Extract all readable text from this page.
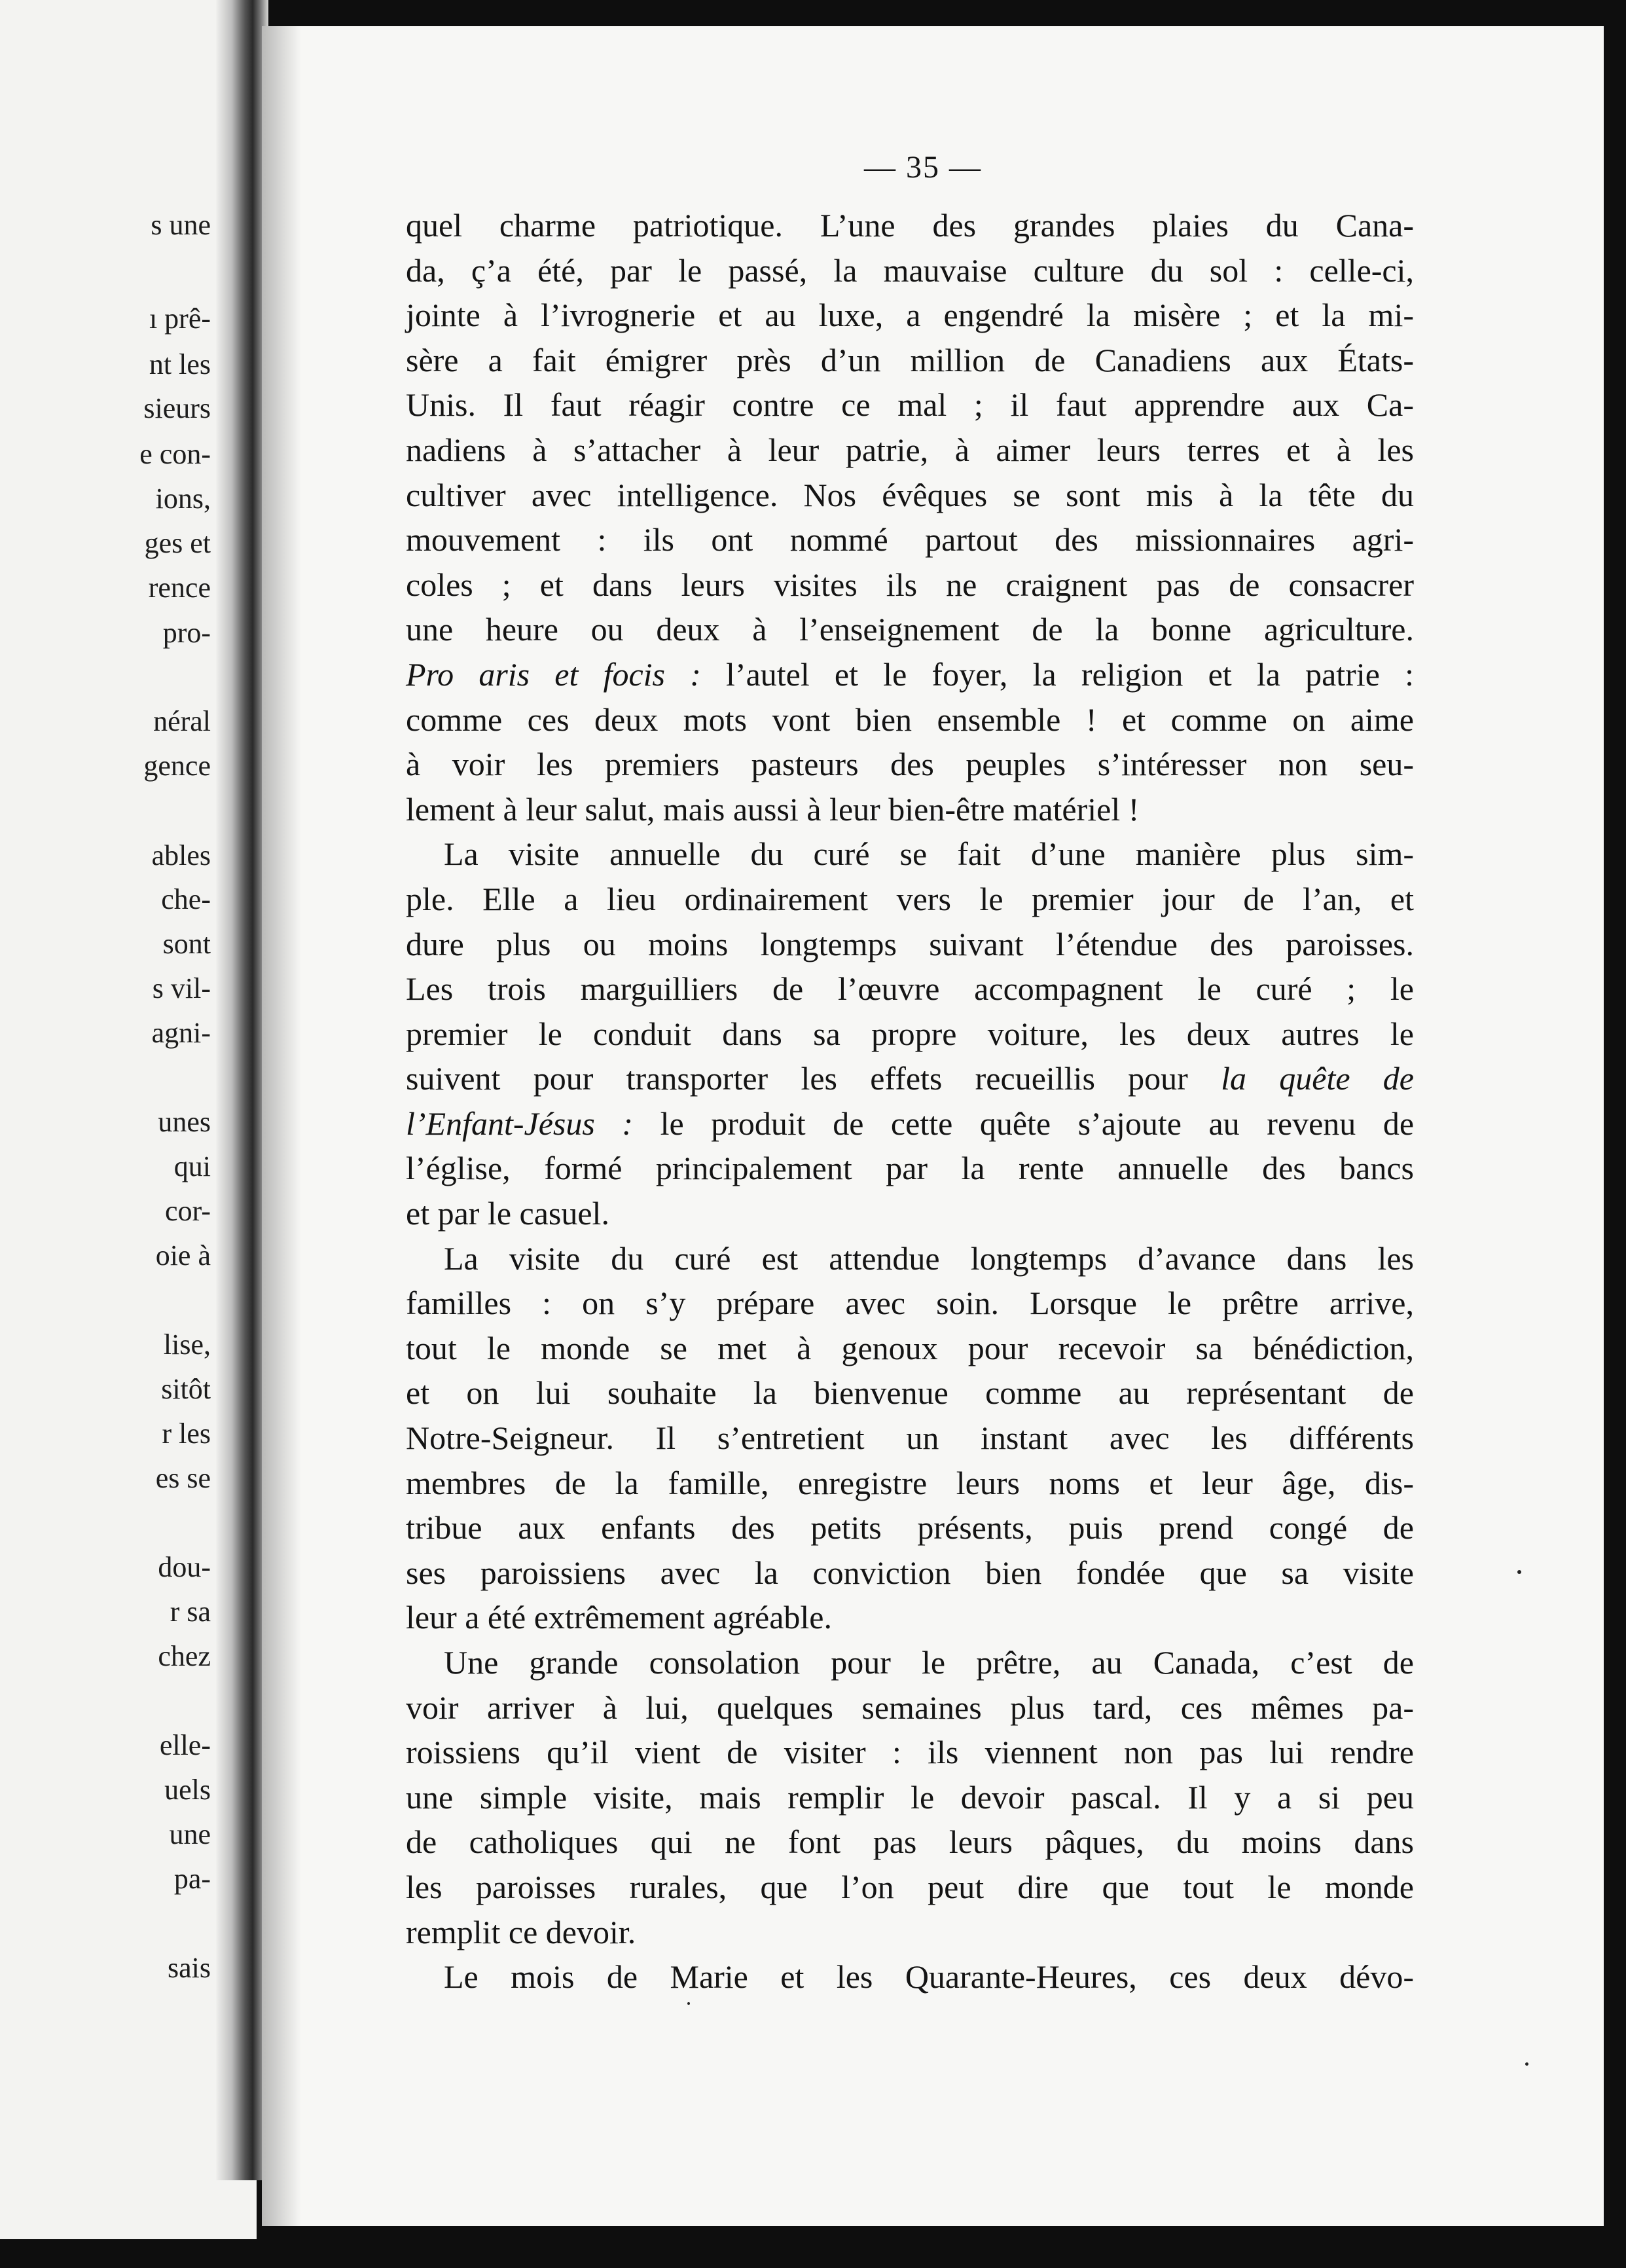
s une
ı prê-
nt les
sieurs
e con-
ions,
ges et
rence
pro-
néral
gence
ables
che-
sont
s vil-
agni-
unes
qui
cor-
oie à
lise,
sitôt
r les
es se
dou-
r sa
chez
elle-
uels
une
pa-
sais
— 35 —
quel charme patriotique. L’une des grandes plaies du Cana-
da, ç’a été, par le passé, la mauvaise culture du sol : celle-ci,
jointe à l’ivrognerie et au luxe, a engendré la misère ; et la mi-
sère a fait émigrer près d’un million de Canadiens aux États-
Unis. Il faut réagir contre ce mal ; il faut apprendre aux Ca-
nadiens à s’attacher à leur patrie, à aimer leurs terres et à les
cultiver avec intelligence. Nos évêques se sont mis à la tête du
mouvement : ils ont nommé partout des missionnaires agri-
coles ; et dans leurs visites ils ne craignent pas de consacrer
une heure ou deux à l’enseignement de la bonne agriculture.
Pro aris et focis : l’autel et le foyer, la religion et la patrie :
comme ces deux mots vont bien ensemble ! et comme on aime
à voir les premiers pasteurs des peuples s’intéresser non seu-
lement à leur salut, mais aussi à leur bien-être matériel !
La visite annuelle du curé se fait d’une manière plus sim-
ple. Elle a lieu ordinairement vers le premier jour de l’an, et
dure plus ou moins longtemps suivant l’étendue des paroisses.
Les trois marguilliers de l’œuvre accompagnent le curé ; le
premier le conduit dans sa propre voiture, les deux autres le
suivent pour transporter les effets recueillis pour la quête de
l’Enfant-Jésus : le produit de cette quête s’ajoute au revenu de
l’église, formé principalement par la rente annuelle des bancs
et par le casuel.
La visite du curé est attendue longtemps d’avance dans les
familles : on s’y prépare avec soin. Lorsque le prêtre arrive,
tout le monde se met à genoux pour recevoir sa bénédiction,
et on lui souhaite la bienvenue comme au représentant de
Notre-Seigneur. Il s’entretient un instant avec les différents
membres de la famille, enregistre leurs noms et leur âge, dis-
tribue aux enfants des petits présents, puis prend congé de
ses paroissiens avec la conviction bien fondée que sa visite
leur a été extrêmement agréable.
Une grande consolation pour le prêtre, au Canada, c’est de
voir arriver à lui, quelques semaines plus tard, ces mêmes pa-
roissiens qu’il vient de visiter : ils viennent non pas lui rendre
une simple visite, mais remplir le devoir pascal. Il y a si peu
de catholiques qui ne font pas leurs pâques, du moins dans
les paroisses rurales, que l’on peut dire que tout le monde
remplit ce devoir.
Le mois de Marie et les Quarante-Heures, ces deux dévo-
